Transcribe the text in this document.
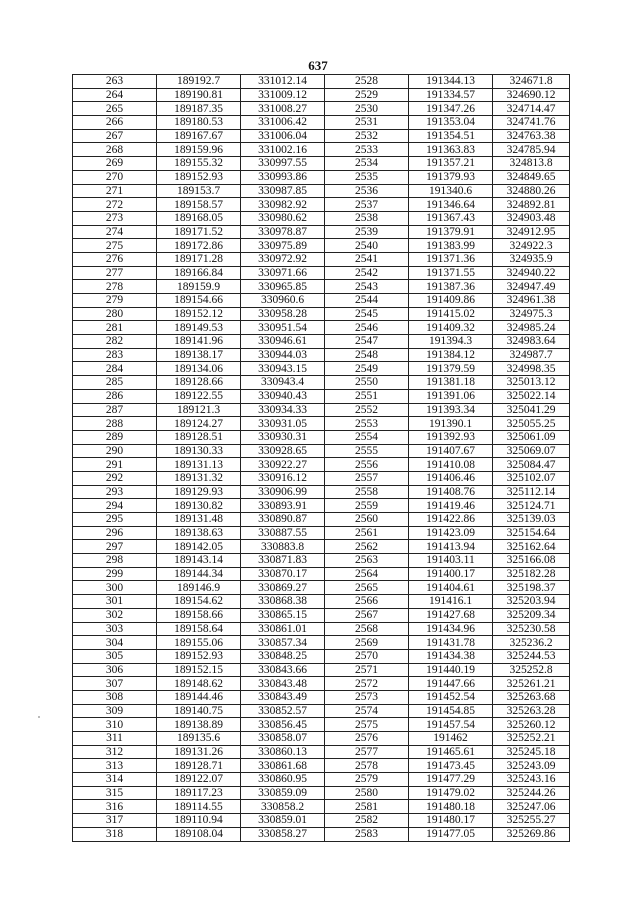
637
263	189192.7	331012.14	2528	191344.13	324671.8
264	189190.81	331009.12	2529	191334.57	324690.12
265	189187.35	331008.27	2530	191347.26	324714.47
266	189180.53	331006.42	2531	191353.04	324741.76
267	189167.67	331006.04	2532	191354.51	324763.38
268	189159.96	331002.16	2533	191363.83	324785.94
269	189155.32	330997.55	2534	191357.21	324813.8
270	189152.93	330993.86	2535	191379.93	324849.65
271	189153.7	330987.85	2536	191340.6	324880.26
272	189158.57	330982.92	2537	191346.64	324892.81
273	189168.05	330980.62	2538	191367.43	324903.48
274	189171.52	330978.87	2539	191379.91	324912.95
275	189172.86	330975.89	2540	191383.99	324922.3
276	189171.28	330972.92	2541	191371.36	324935.9
277	189166.84	330971.66	2542	191371.55	324940.22
278	189159.9	330965.85	2543	191387.36	324947.49
279	189154.66	330960.6	2544	191409.86	324961.38
280	189152.12	330958.28	2545	191415.02	324975.3
281	189149.53	330951.54	2546	191409.32	324985.24
282	189141.96	330946.61	2547	191394.3	324983.64
283	189138.17	330944.03	2548	191384.12	324987.7
284	189134.06	330943.15	2549	191379.59	324998.35
285	189128.66	330943.4	2550	191381.18	325013.12
286	189122.55	330940.43	2551	191391.06	325022.14
287	189121.3	330934.33	2552	191393.34	325041.29
288	189124.27	330931.05	2553	191390.1	325055.25
289	189128.51	330930.31	2554	191392.93	325061.09
290	189130.33	330928.65	2555	191407.67	325069.07
291	189131.13	330922.27	2556	191410.08	325084.47
292	189131.32	330916.12	2557	191406.46	325102.07
293	189129.93	330906.99	2558	191408.76	325112.14
294	189130.82	330893.91	2559	191419.46	325124.71
295	189131.48	330890.87	2560	191422.86	325139.03
296	189138.63	330887.55	2561	191423.09	325154.64
297	189142.05	330883.8	2562	191413.94	325162.64
298	189143.14	330871.83	2563	191403.11	325166.08
299	189144.34	330870.17	2564	191400.17	325182.28
300	189146.9	330869.27	2565	191404.61	325198.37
301	189154.62	330868.38	2566	191416.1	325203.94
302	189158.66	330865.15	2567	191427.68	325209.34
303	189158.64	330861.01	2568	191434.96	325230.58
304	189155.06	330857.34	2569	191431.78	325236.2
305	189152.93	330848.25	2570	191434.38	325244.53
306	189152.15	330843.66	2571	191440.19	325252.8
307	189148.62	330843.48	2572	191447.66	325261.21
308	189144.46	330843.49	2573	191452.54	325263.68
309	189140.75	330852.57	2574	191454.85	325263.28
310	189138.89	330856.45	2575	191457.54	325260.12
311	189135.6	330858.07	2576	191462	325252.21
312	189131.26	330860.13	2577	191465.61	325245.18
313	189128.71	330861.68	2578	191473.45	325243.09
314	189122.07	330860.95	2579	191477.29	325243.16
315	189117.23	330859.09	2580	191479.02	325244.26
316	189114.55	330858.2	2581	191480.18	325247.06
317	189110.94	330859.01	2582	191480.17	325255.27
318	189108.04	330858.27	2583	191477.05	325269.86
